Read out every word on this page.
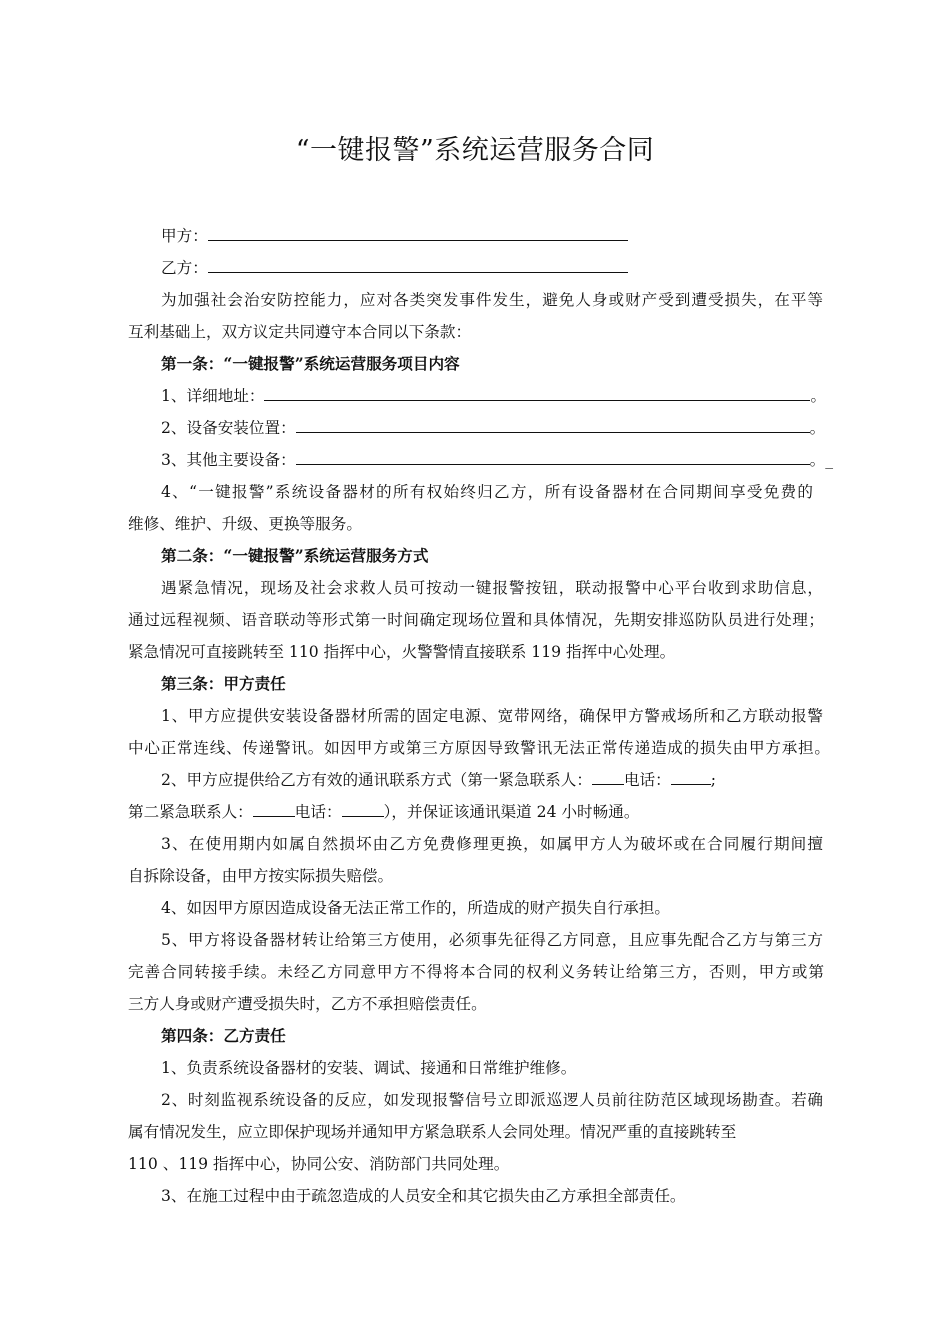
“一键报警”系统运营服务合同
甲方：
乙方：
为加强社会治安防控能力，应对各类突发事件发生，避免人身或财产受到遭受损失，在平等
互利基础上，双方议定共同遵守本合同以下条款：
第一条：“一键报警”系统运营服务项目内容
1、详细地址：	。
2、设备安装位置：	。
3、其他主要设备：	。_
4、“一键报警”系统设备器材的所有权始终归乙方，所有设备器材在合同期间享受免费的
维修、维护、升级、更换等服务。
第二条：“一键报警”系统运营服务方式
遇紧急情况，现场及社会求救人员可按动一键报警按钮，联动报警中心平台收到求助信息，
通过远程视频、语音联动等形式第一时间确定现场位置和具体情况，先期安排巡防队员进行处理；
紧急情况可直接跳转至 110 指挥中心，火警警情直接联系 119 指挥中心处理。
第三条：甲方责任
1、甲方应提供安装设备器材所需的固定电源、宽带网络，确保甲方警戒场所和乙方联动报警
中心正常连线、传递警讯。如因甲方或第三方原因导致警讯无法正常传递造成的损失由甲方承担。
2、甲方应提供给乙方有效的通讯联系方式（第一紧急联系人： 电话：	;
第二紧急联系人：	电话：	），并保证该通讯渠道 24 小时畅通。
3、在使用期内如属自然损坏由乙方免费修理更换，如属甲方人为破坏或在合同履行期间擅
自拆除设备，由甲方按实际损失赔偿。
4、如因甲方原因造成设备无法正常工作的，所造成的财产损失自行承担。
5、甲方将设备器材转让给第三方使用，必须事先征得乙方同意，且应事先配合乙方与第三方
完善合同转接手续。未经乙方同意甲方不得将本合同的权利义务转让给第三方，否则，甲方或第
三方人身或财产遭受损失时，乙方不承担赔偿责任。
第四条：乙方责任
1、负责系统设备器材的安装、调试、接通和日常维护维修。
2、时刻监视系统设备的反应，如发现报警信号立即派巡逻人员前往防范区域现场勘查。若确
属有情况发生，应立即保护现场并通知甲方紧急联系人会同处理。情况严重的直接跳转至
110 、119 指挥中心，协同公安、消防部门共同处理。
3、在施工过程中由于疏忽造成的人员安全和其它损失由乙方承担全部责任。
